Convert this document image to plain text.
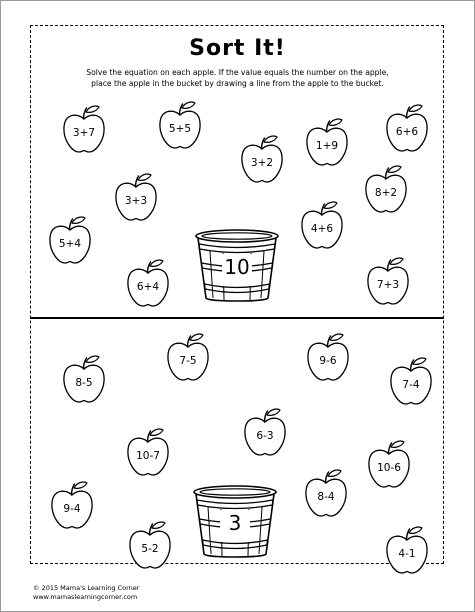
Sort It!
Solve the equation on each apple. If the value equals the number on the apple,
place the apple in the bucket by drawing a line from the apple to the bucket.
3+7	5+5
3+2
1+9
6+6
3+3
8+2
5+4
4+6
6+4	7+3
10
7-5	9-6
8-5	7-4
6-3
10-7
10-6
8-4
9-4
5-2	4-1
3
© 2015 Mama's Learning Corner
www.mamaslearningcorner.com
